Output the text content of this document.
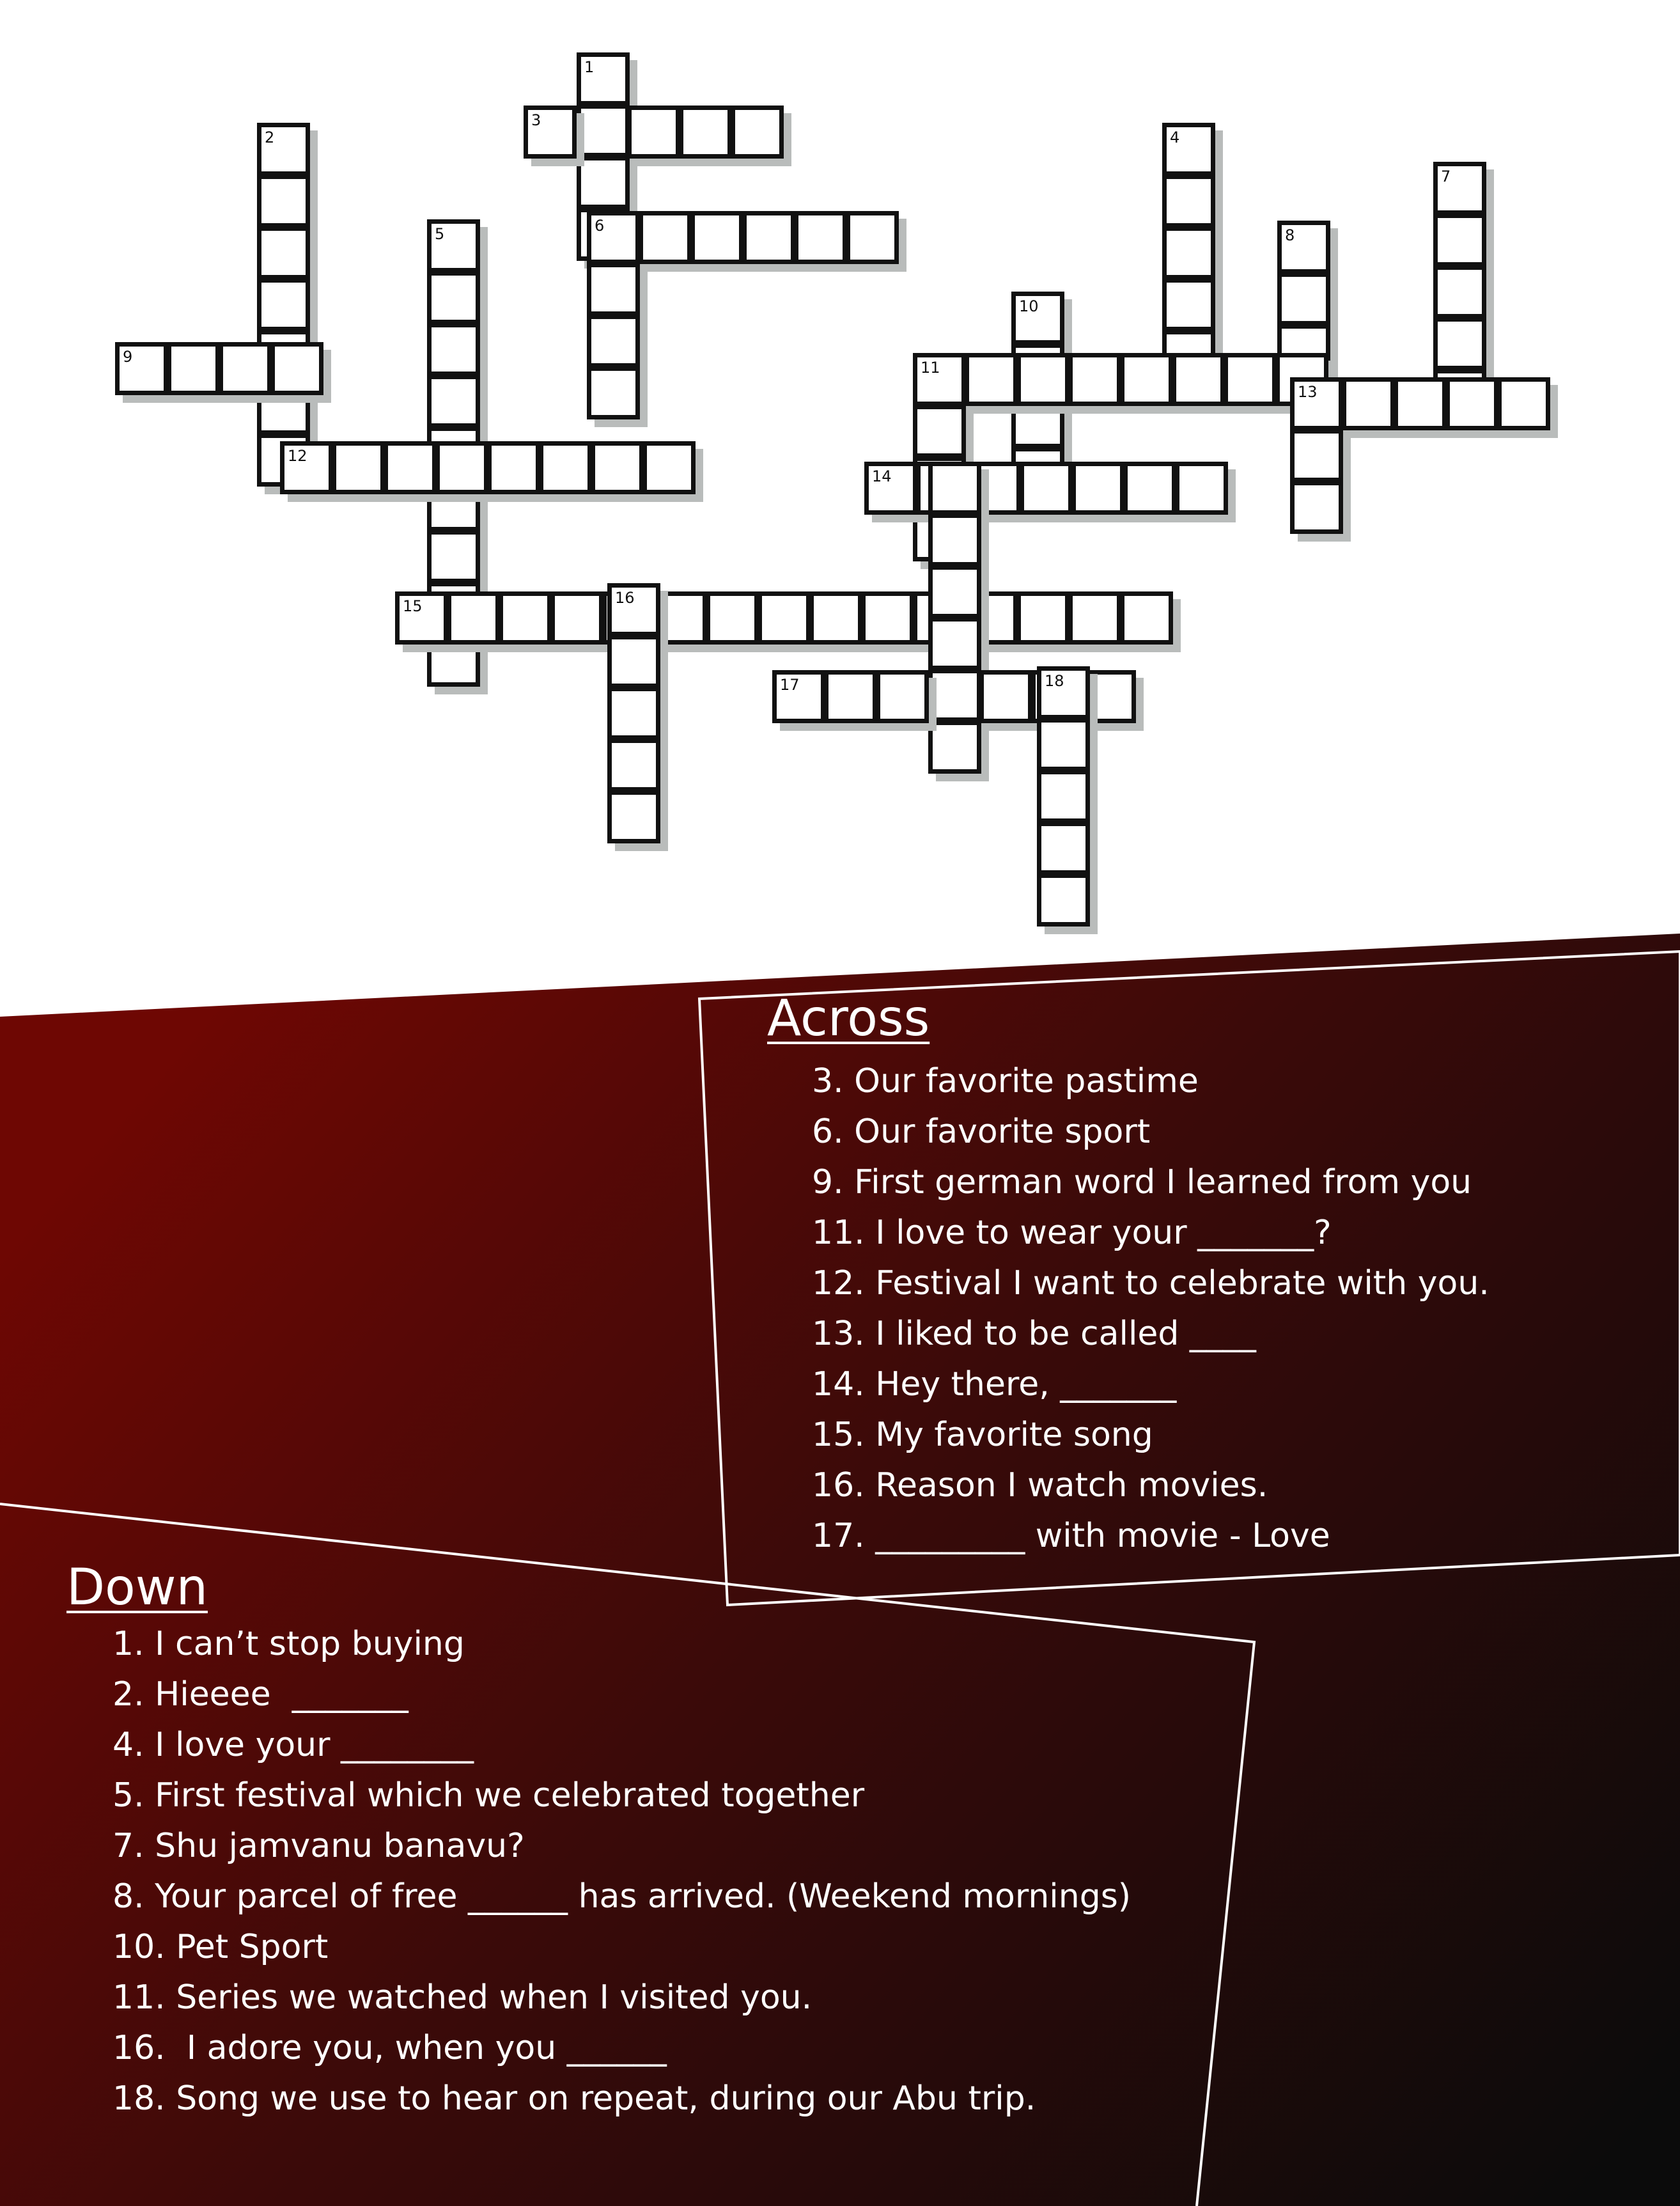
1
3
2	4
7
5	6
8
10
9
11
13
12
14
15	16
17	18
Across
3. Our favorite pastime
6. Our favorite sport
9. First german word I learned from you
11. I love to wear your _______?
12. Festival I want to celebrate with you.
13. I liked to be called ____
14. Hey there, _______
15. My favorite song
16. Reason I watch movies.
17. _________ with movie - Love
Down
1. I can’t stop buying
2. Hieeee  _______
4. I love your ________
5. First festival which we celebrated together
7. Shu jamvanu banavu?
8. Your parcel of free ______ has arrived. (Weekend mornings)
10. Pet Sport
11. Series we watched when I visited you.
16.  I adore you, when you ______
18. Song we use to hear on repeat, during our Abu trip.
